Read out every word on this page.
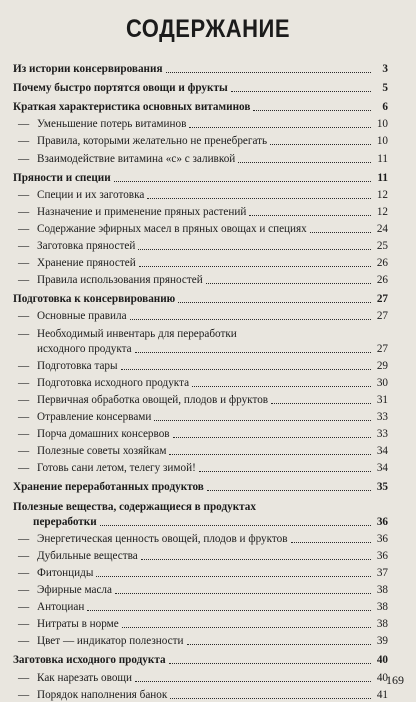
СОДЕРЖАНИЕ
Из истории консервирования	3
Почему быстро портятся овощи и фрукты	5
Краткая характеристика основных витаминов	6
— Уменьшение потерь витаминов	10
— Правила, которыми желательно не пренебрегать	10
— Взаимодействие витамина «с» с заливкой	11
Пряности и специи	11
— Специи и их заготовка	12
— Назначение и применение пряных растений	12
— Содержание эфирных масел в пряных овощах и специях	24
— Заготовка пряностей	25
— Хранение пряностей	26
— Правила использования пряностей	26
Подготовка к консервированию	27
— Основные правила	27
— Необходимый инвентарь для переработки
исходного продукта	27
— Подготовка тары	29
— Подготовка исходного продукта	30
— Первичная обработка овощей, плодов и фруктов	31
— Отравление консервами	33
— Порча домашних консервов	33
— Полезные советы хозяйкам	34
— Готовь сани летом, телегу зимой!	34
Хранение переработанных продуктов	35
Полезные вещества, содержащиеся в продуктах
переработки	36
— Энергетическая ценность овощей, плодов и фруктов	36
— Дубильные вещества	36
— Фитонциды	37
— Эфирные масла	38
— Антоциан	38
— Нитраты в норме	38
— Цвет — индикатор полезности	39
Заготовка исходного продукта	40
— Как нарезать овощи	40
— Порядок наполнения банок	41
169
